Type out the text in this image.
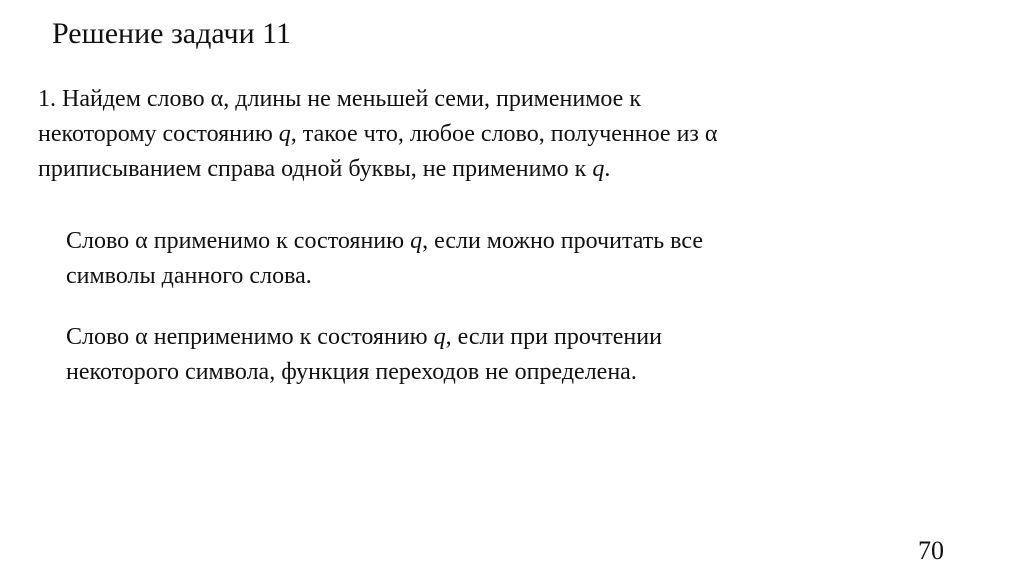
Решение задачи 11

1. Найдем слово α, длины не меньшей семи, применимое к
некоторому состоянию q, такое что, любое слово, полученное из α
приписыванием справа одной буквы, не применимо к q.

Слово α применимо к состоянию q, если можно прочитать все
символы данного слова.

Слово α неприменимо к состоянию q, если при прочтении
некоторого символа, функция переходов не определена.

70
